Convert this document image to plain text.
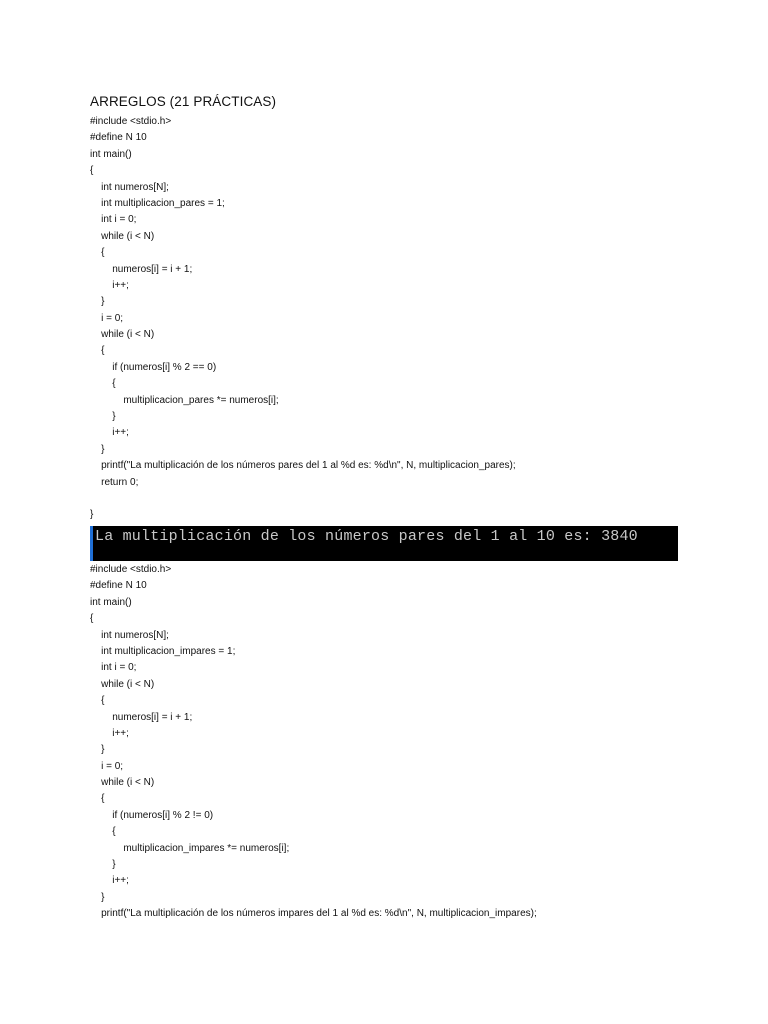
ARREGLOS (21 PRÁCTICAS)
#include <stdio.h>
#define N 10
int main()
{
int numeros[N];
int multiplicacion_pares = 1;
int i = 0;
while (i < N)
{
numeros[i] = i + 1;
i++;
}
i = 0;
while (i < N)
{
if (numeros[i] % 2 == 0)
{
multiplicacion_pares *= numeros[i];
}
i++;
}
printf("La multiplicación de los números pares del 1 al %d es: %d\n", N, multiplicacion_pares);
return 0;
}
La multiplicación de los números pares del 1 al 10 es: 3840
#include <stdio.h>
#define N 10
int main()
{
int numeros[N];
int multiplicacion_impares = 1;
int i = 0;
while (i < N)
{
numeros[i] = i + 1;
i++;
}
i = 0;
while (i < N)
{
if (numeros[i] % 2 != 0)
{
multiplicacion_impares *= numeros[i];
}
i++;
}
printf("La multiplicación de los números impares del 1 al %d es: %d\n", N, multiplicacion_impares);
